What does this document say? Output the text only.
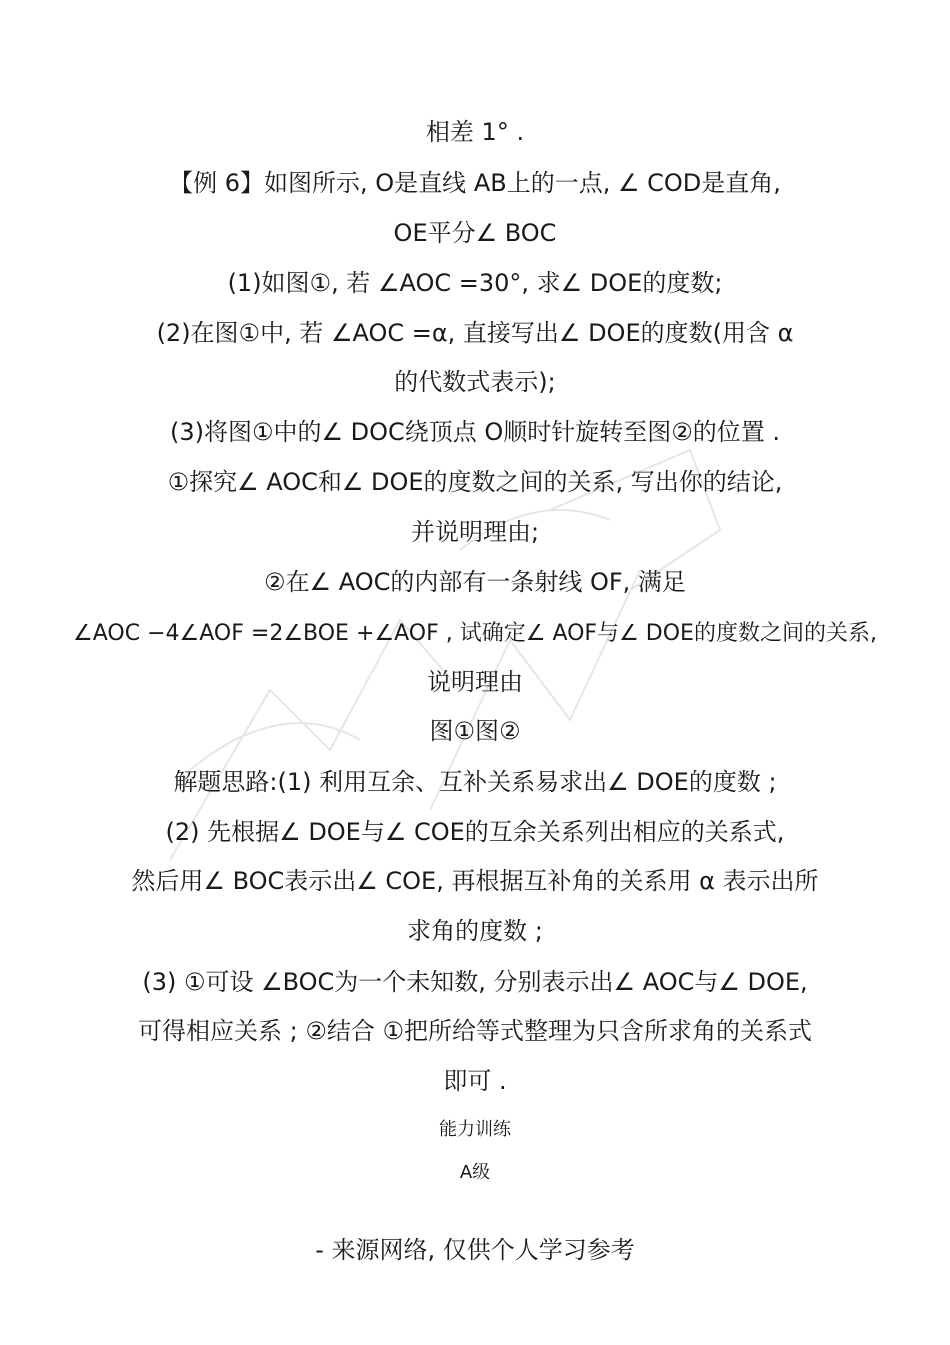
相差 1° .
【例 6】如图所示, O是直线 AB上的一点, ∠ COD是直角,
OE平分∠ BOC
(1)如图①, 若 ∠AOC =30°, 求∠ DOE的度数;
(2)在图①中, 若 ∠AOC =α, 直接写出∠ DOE的度数(用含 α
的代数式表示);
(3)将图①中的∠ DOC绕顶点 O顺时针旋转至图②的位置 .
①探究∠ AOC和∠ DOE的度数之间的关系, 写出你的结论,
并说明理由;
②在∠ AOC的内部有一条射线 OF, 满足
∠AOC −4∠AOF =2∠BOE +∠AOF , 试确定∠ AOF与∠ DOE的度数之间的关系,
说明理由
图①图②
解题思路:(1) 利用互余、互补关系易求出∠ DOE的度数 ;
(2) 先根据∠ DOE与∠ COE的互余关系列出相应的关系式,
然后用∠ BOC表示出∠ COE, 再根据互补角的关系用 α 表示出所
求角的度数 ;
(3) ①可设 ∠BOC为一个未知数, 分别表示出∠ AOC与∠ DOE,
可得相应关系 ; ②结合 ①把所给等式整理为只含所求角的关系式
即可 .
能力训练
A级
- 来源网络, 仅供个人学习参考
